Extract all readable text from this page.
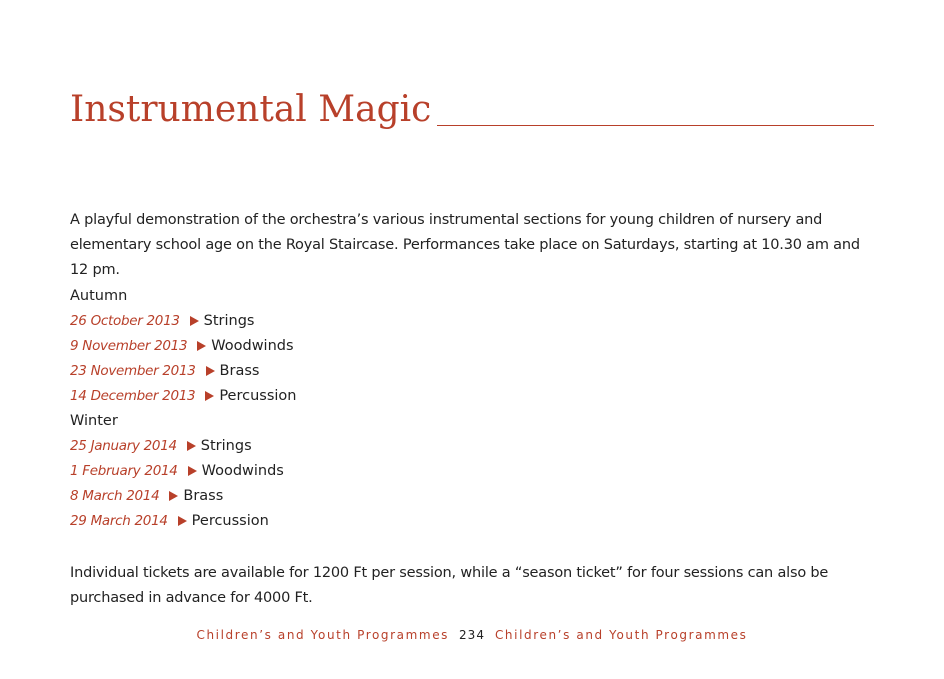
Instrumental Magic

A playful demonstration of the orchestra’s various instrumental sections for young children of nursery and elementary school age on the Royal Staircase. Performances take place on Saturdays, starting at 10.30 am and 12 pm.

Autumn
26 October 2013 Strings
9 November 2013 Woodwinds
23 November 2013 Brass
14 December 2013 Percussion
Winter
25 January 2014 Strings
1 February 2014 Woodwinds
8 March 2014 Brass
29 March 2014 Percussion

Individual tickets are available for 1200 Ft per session, while a “season ticket” for four sessions can also be purchased in advance for 4000 Ft.

Children’s and Youth Programmes 234 Children’s and Youth Programmes
